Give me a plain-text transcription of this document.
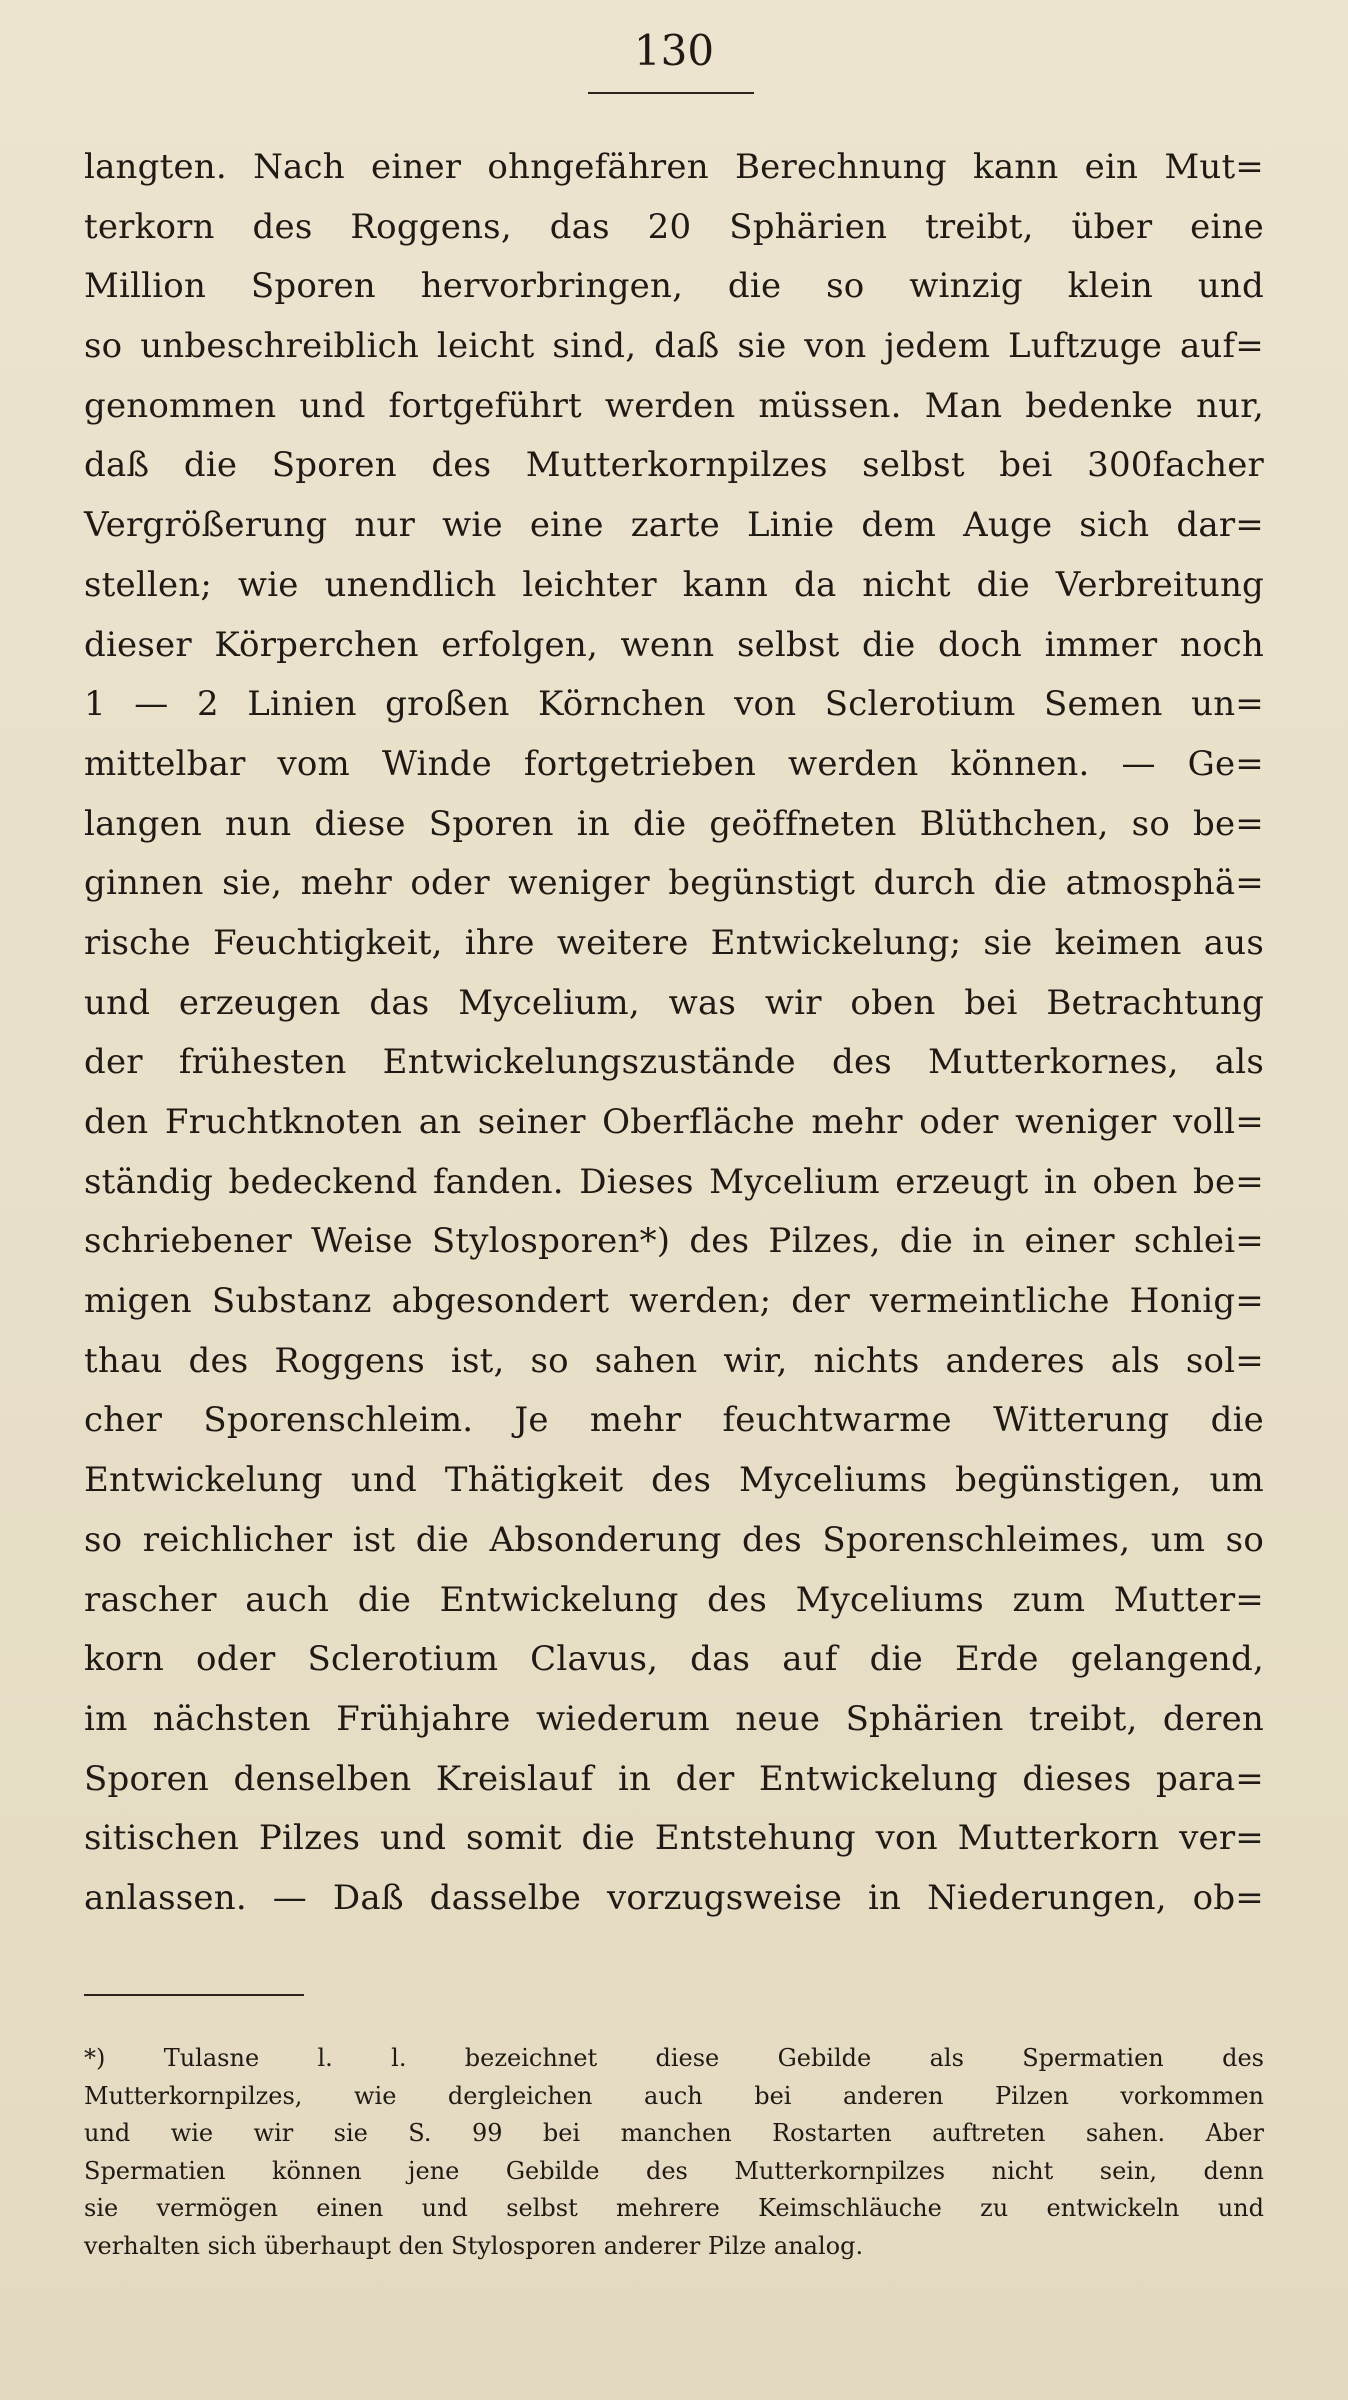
130
langten. Nach einer ohngefähren Berechnung kann ein Mut=
terkorn des Roggens, das 20 Sphärien treibt, über eine
Million Sporen hervorbringen, die so winzig klein und
so unbeschreiblich leicht sind, daß sie von jedem Luftzuge auf=
genommen und fortgeführt werden müssen. Man bedenke nur,
daß die Sporen des Mutterkornpilzes selbst bei 300facher
Vergrößerung nur wie eine zarte Linie dem Auge sich dar=
stellen; wie unendlich leichter kann da nicht die Verbreitung
dieser Körperchen erfolgen, wenn selbst die doch immer noch
1 — 2 Linien großen Körnchen von Sclerotium Semen un=
mittelbar vom Winde fortgetrieben werden können. — Ge=
langen nun diese Sporen in die geöffneten Blüthchen, so be=
ginnen sie, mehr oder weniger begünstigt durch die atmosphä=
rische Feuchtigkeit, ihre weitere Entwickelung; sie keimen aus
und erzeugen das Mycelium, was wir oben bei Betrachtung
der frühesten Entwickelungszustände des Mutterkornes, als
den Fruchtknoten an seiner Oberfläche mehr oder weniger voll=
ständig bedeckend fanden. Dieses Mycelium erzeugt in oben be=
schriebener Weise Stylosporen*) des Pilzes, die in einer schlei=
migen Substanz abgesondert werden; der vermeintliche Honig=
thau des Roggens ist, so sahen wir, nichts anderes als sol=
cher Sporenschleim. Je mehr feuchtwarme Witterung die
Entwickelung und Thätigkeit des Myceliums begünstigen, um
so reichlicher ist die Absonderung des Sporenschleimes, um so
rascher auch die Entwickelung des Myceliums zum Mutter=
korn oder Sclerotium Clavus, das auf die Erde gelangend,
im nächsten Frühjahre wiederum neue Sphärien treibt, deren
Sporen denselben Kreislauf in der Entwickelung dieses para=
sitischen Pilzes und somit die Entstehung von Mutterkorn ver=
anlassen. — Daß dasselbe vorzugsweise in Niederungen, ob=
*) Tulasne l. l. bezeichnet diese Gebilde als Spermatien des
Mutterkornpilzes, wie dergleichen auch bei anderen Pilzen vorkommen
und wie wir sie S. 99 bei manchen Rostarten auftreten sahen. Aber
Spermatien können jene Gebilde des Mutterkornpilzes nicht sein, denn
sie vermögen einen und selbst mehrere Keimschläuche zu entwickeln und
verhalten sich überhaupt den Stylosporen anderer Pilze analog.
